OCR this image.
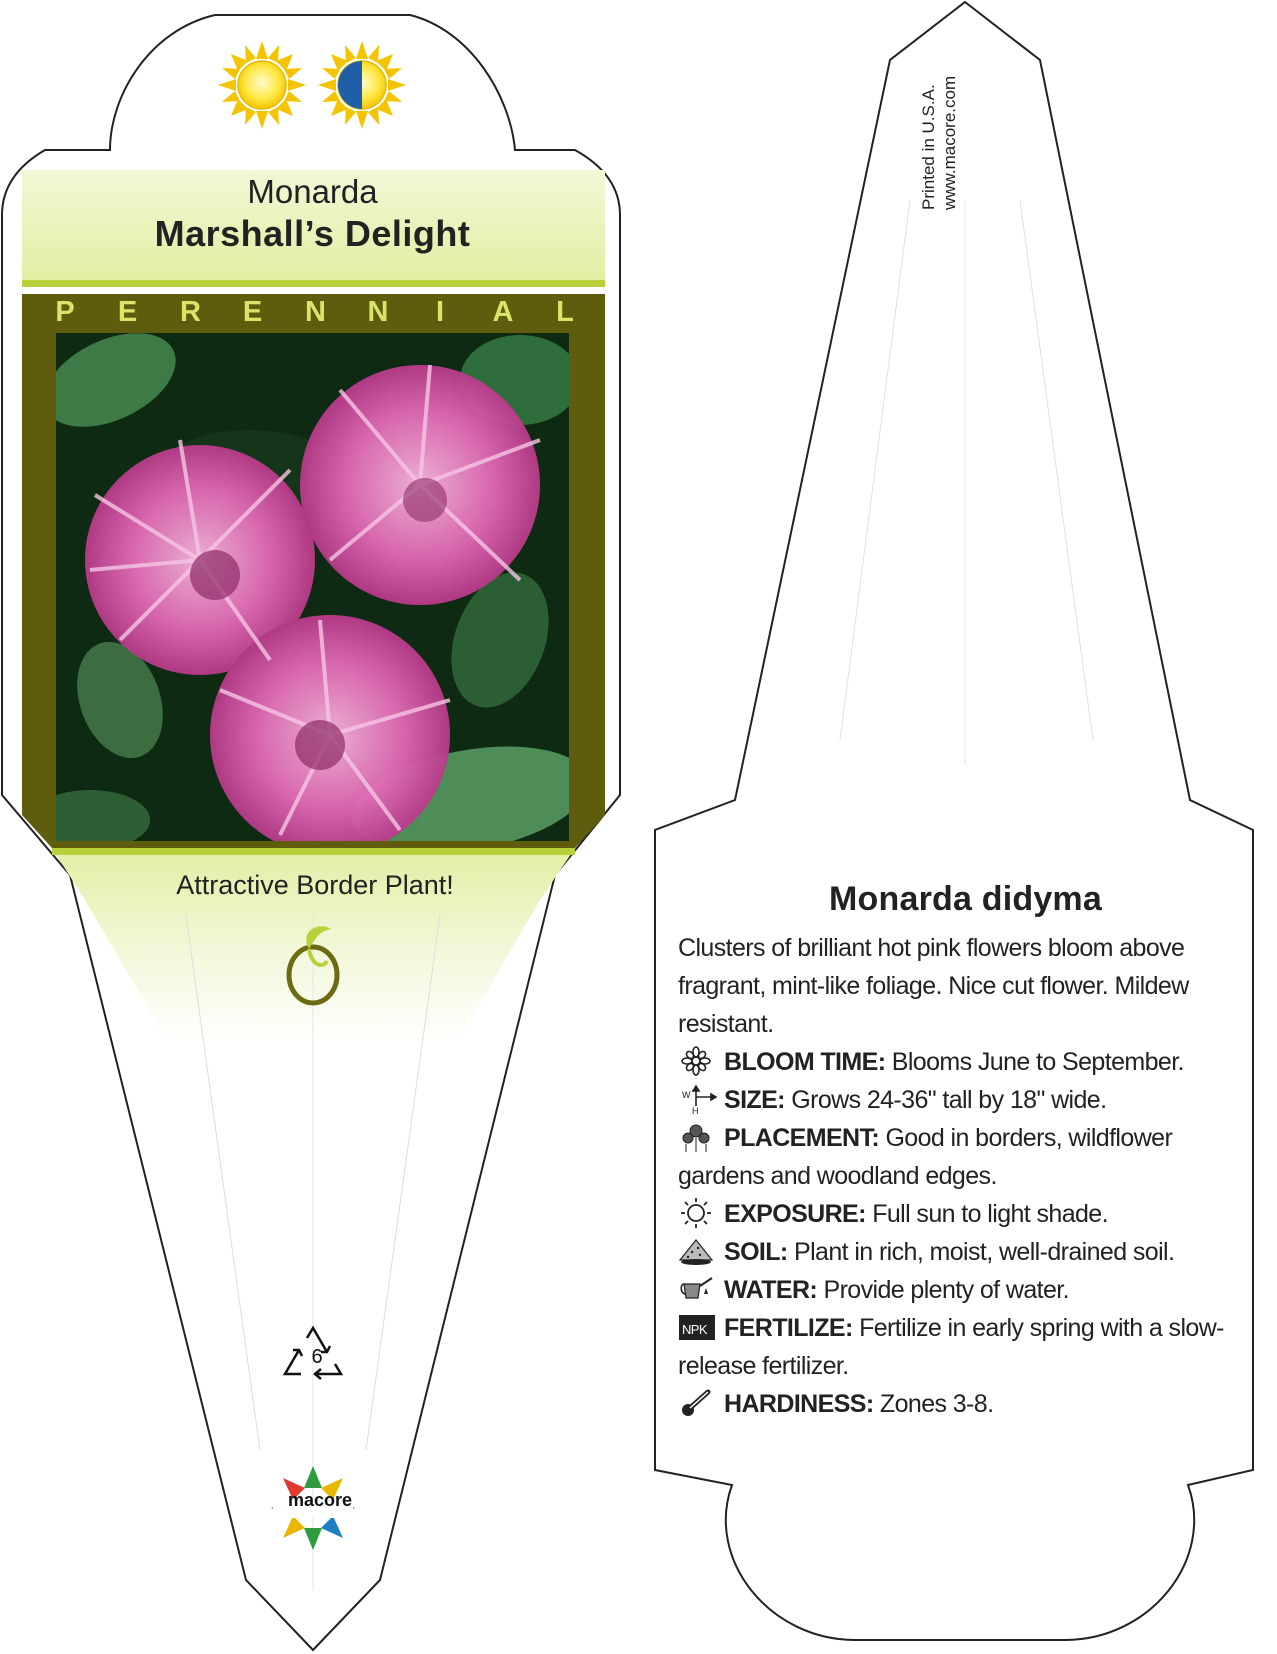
Monarda
Marshall’s Delight
P E R E N N I A L
Attractive Border Plant!
6
macore
Printed in U.S.A. www.macore.com
Monarda didyma

Clusters of brilliant hot pink flowers bloom above fragrant, mint-like foliage. Nice cut flower. Mildew resistant.

BLOOM TIME: Blooms June to September.

W
H SIZE: Grows 24-36" tall by 18" wide.

PLACEMENT: Good in borders, wildflower gardens and woodland edges.

EXPOSURE: Full sun to light shade.

SOIL: Plant in rich, moist, well-drained soil.

WATER: Provide plenty of water.

NPK FERTILIZE: Fertilize in early spring with a slow-release fertilizer.

HARDINESS: Zones 3-8.
